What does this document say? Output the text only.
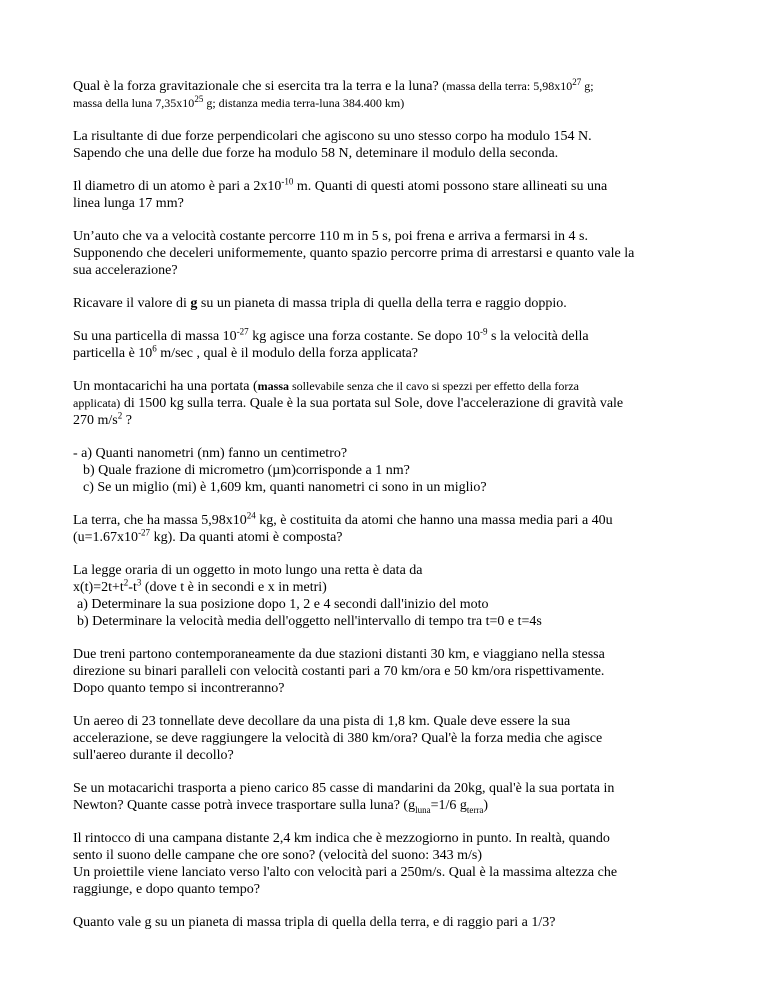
Qual è la forza gravitazionale che si esercita tra la terra e la luna? (massa della terra: $5,98x10^{27}$ g;
massa della luna $7,35x10^{25}$ g; distanza media terra-luna 384.400 km)

La risultante di due forze perpendicolari che agiscono su uno stesso corpo ha modulo 154 N.
Sapendo che una delle due forze ha modulo 58 N, deteminare il modulo della seconda.

Il diametro di un atomo è pari a $2x10^{-10}$ m. Quanti di questi atomi possono stare allineati su una
linea lunga 17 mm?

Un’auto che va a velocità costante percorre 110 m in 5 s, poi frena e arriva a fermarsi in 4 s.
Supponendo che deceleri uniformemente, quanto spazio percorre prima di arrestarsi e quanto vale la
sua accelerazione?

Ricavare il valore di g su un pianeta di massa tripla di quella della terra e raggio doppio.

Su una particella di massa $10^{-27}$ kg agisce una forza costante. Se dopo $10^{-9}$ s la velocità della
particella è $10^6$ m/sec , qual è il modulo della forza applicata?

Un montacarichi ha una portata (massa sollevabile senza che il cavo si spezzi per effetto della forza
applicata) di 1500 kg sulla terra. Quale è la sua portata sul Sole, dove l'accelerazione di gravità vale
270 $m/s^2$ ?

- a) Quanti nanometri (nm) fanno un centimetro?
b) Quale frazione di micrometro (µm)corrisponde a 1 nm?
c) Se un miglio (mi) è 1,609 km, quanti nanometri ci sono in un miglio?

La terra, che ha massa $5,98x10^{24}$ kg, è costituita da atomi che hanno una massa media pari a 40u
($u=1.67x10^{-27}$ kg). Da quanti atomi è composta?

La legge oraria di un oggetto in moto lungo una retta è data da
$x(t)=2t+t^2-t^3$ (dove t è in secondi e x in metri)
a) Determinare la sua posizione dopo 1, 2 e 4 secondi dall'inizio del moto
b) Determinare la velocità media dell'oggetto nell'intervallo di tempo tra t=0 e t=4s

Due treni partono contemporaneamente da due stazioni distanti 30 km, e viaggiano nella stessa
direzione su binari paralleli con velocità costanti pari a 70 km/ora e 50 km/ora rispettivamente.
Dopo quanto tempo si incontreranno?

Un aereo di 23 tonnellate deve decollare da una pista di 1,8 km. Quale deve essere la sua
accelerazione, se deve raggiungere la velocità di 380 km/ora? Qual'è la forza media che agisce
sull'aereo durante il decollo?

Se un motacarichi trasporta a pieno carico 85 casse di mandarini da 20kg, qual'è la sua portata in
Newton? Quante casse potrà invece trasportare sulla luna? ($g_{luna}=1/6$ $g_{terra}$)

Il rintocco di una campana distante 2,4 km indica che è mezzogiorno in punto. In realtà, quando
sento il suono delle campane che ore sono? (velocità del suono: 343 m/s)

Un proiettile viene lanciato verso l'alto con velocità pari a 250m/s. Qual è la massima altezza che
raggiunge, e dopo quanto tempo?

Quanto vale g su un pianeta di massa tripla di quella della terra, e di raggio pari a 1/3?
